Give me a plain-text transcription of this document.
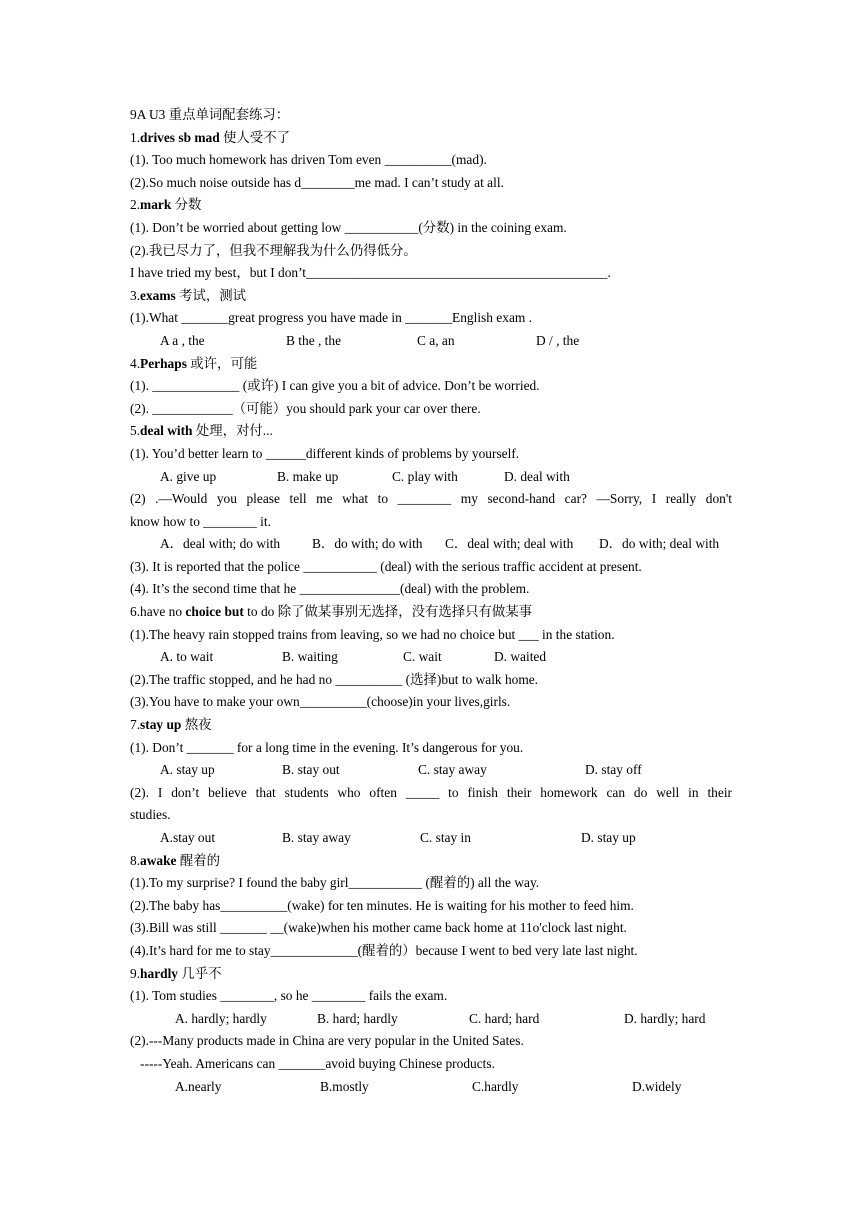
9A U3 重点单词配套练习：
1.drives sb mad 使人受不了
(1). Too much homework has driven Tom even __________(mad).
(2).So much noise outside has d________me mad. I can’t study at all.
2.mark 分数
(1). Don’t be worried about getting low ___________(分数) in the coining exam.
(2).我已尽力了，但我不理解我为什么仍得低分。
I have tried my best，but I don’t_____________________________________________.
3.exams 考试，测试
(1).What _______great progress you have made in _______English exam .
A a , the	B the , the	C a, an	D / , the
4.Perhaps 或许，可能
(1). _____________ (或许) I can give you a bit of advice. Don’t be worried.
(2). ____________（可能）you should park your car over there.
5.deal with 处理，对付...
(1). You’d better learn to ______different kinds of problems by yourself.
A. give up	B. make up	C. play with	D. deal with
(2) .—Would you please tell me what to ________ my second-hand car? —Sorry, I really don't
know how to ________ it.
A．deal with; do with B．do with; do with C．deal with; deal with D．do with; deal with
(3). It is reported that the police ___________ (deal) with the serious traffic accident at present.
(4). It’s the second time that he _______________(deal) with the problem.
6.have no choice but to do 除了做某事别无选择，没有选择只有做某事
(1).The heavy rain stopped trains from leaving, so we had no choice but ___ in the station.
A. to wait	B. waiting	C. wait	D. waited
(2).The traffic stopped, and he had no __________ (选择)but to walk home.
(3).You have to make your own__________(choose)in your lives,girls.
7.stay up 熬夜
(1). Don’t _______ for a long time in the evening. It’s dangerous for you.
A. stay up	B. stay out	C. stay away	D. stay off
(2). I don’t believe that students who often _____ to finish their homework can do well in their
studies.
A.stay out	B. stay away	C. stay in	D. stay up
8.awake 醒着的
(1).To my surprise? I found the baby girl___________ (醒着的) all the way.
(2).The baby has__________(wake) for ten minutes. He is waiting for his mother to feed him.
(3).Bill was still _______ __(wake)when his mother came back home at 11o'clock last night.
(4).It’s hard for me to stay_____________(醒着的）because I went to bed very late last night.
9.hardly 几乎不
(1). Tom studies ________, so he ________ fails the exam.
A. hardly; hardly	B. hard; hardly	C. hard; hard	D. hardly; hard
(2).---Many products made in China are very popular in the United Sates.
-----Yeah. Americans can _______avoid buying Chinese products.
A.nearly	B.mostly	C.hardly	D.widely
